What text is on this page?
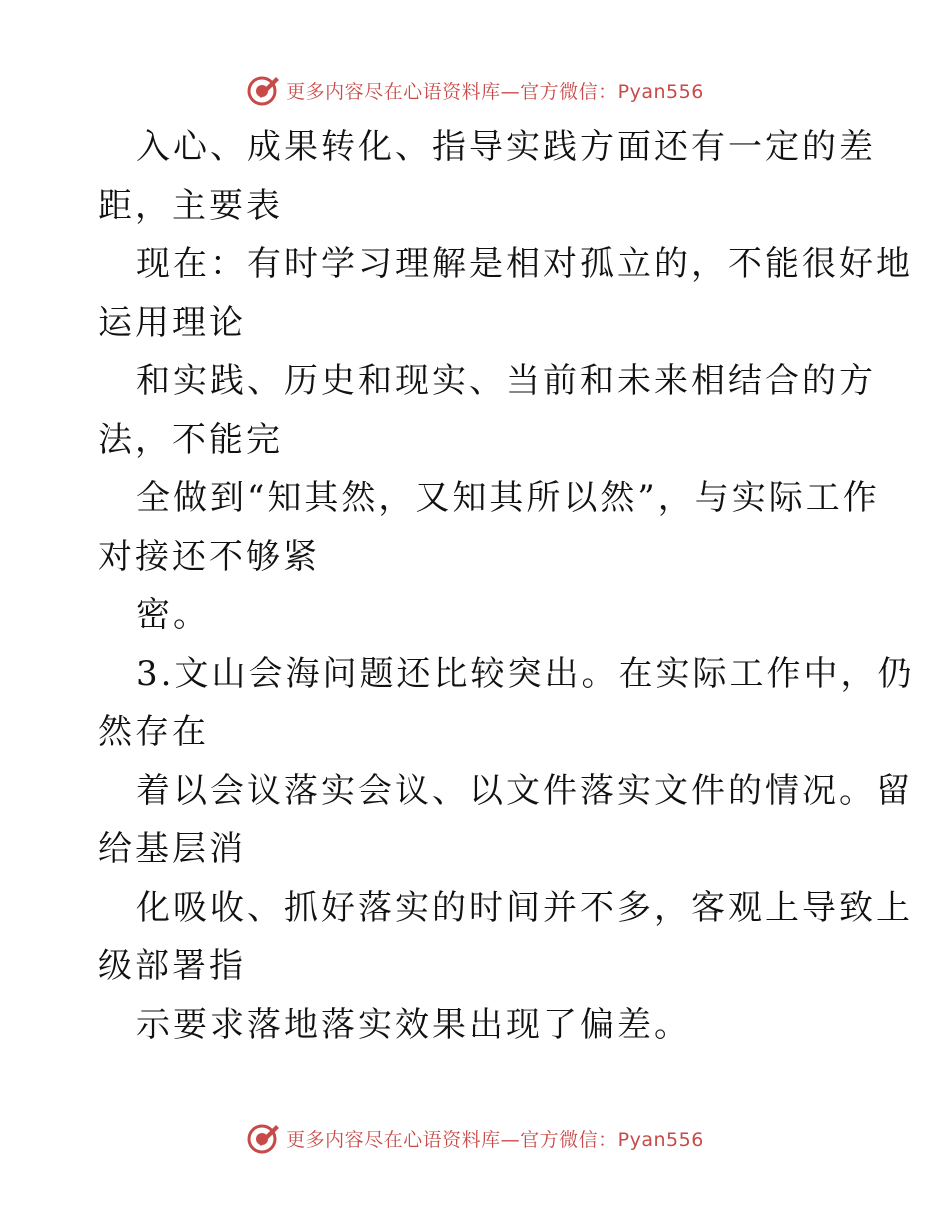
更多内容尽在心语资料库—官方微信：Pyan556
入心、成果转化、指导实践方面还有一定的差
距，主要表
现在：有时学习理解是相对孤立的，不能很好地
运用理论
和实践、历史和现实、当前和未来相结合的方
法，不能完
全做到“知其然，又知其所以然”，与实际工作
对接还不够紧
密。
3.文山会海问题还比较突出。在实际工作中，仍
然存在
着以会议落实会议、以文件落实文件的情况。留
给基层消
化吸收、抓好落实的时间并不多，客观上导致上
级部署指
示要求落地落实效果出现了偏差。
更多内容尽在心语资料库—官方微信：Pyan556
